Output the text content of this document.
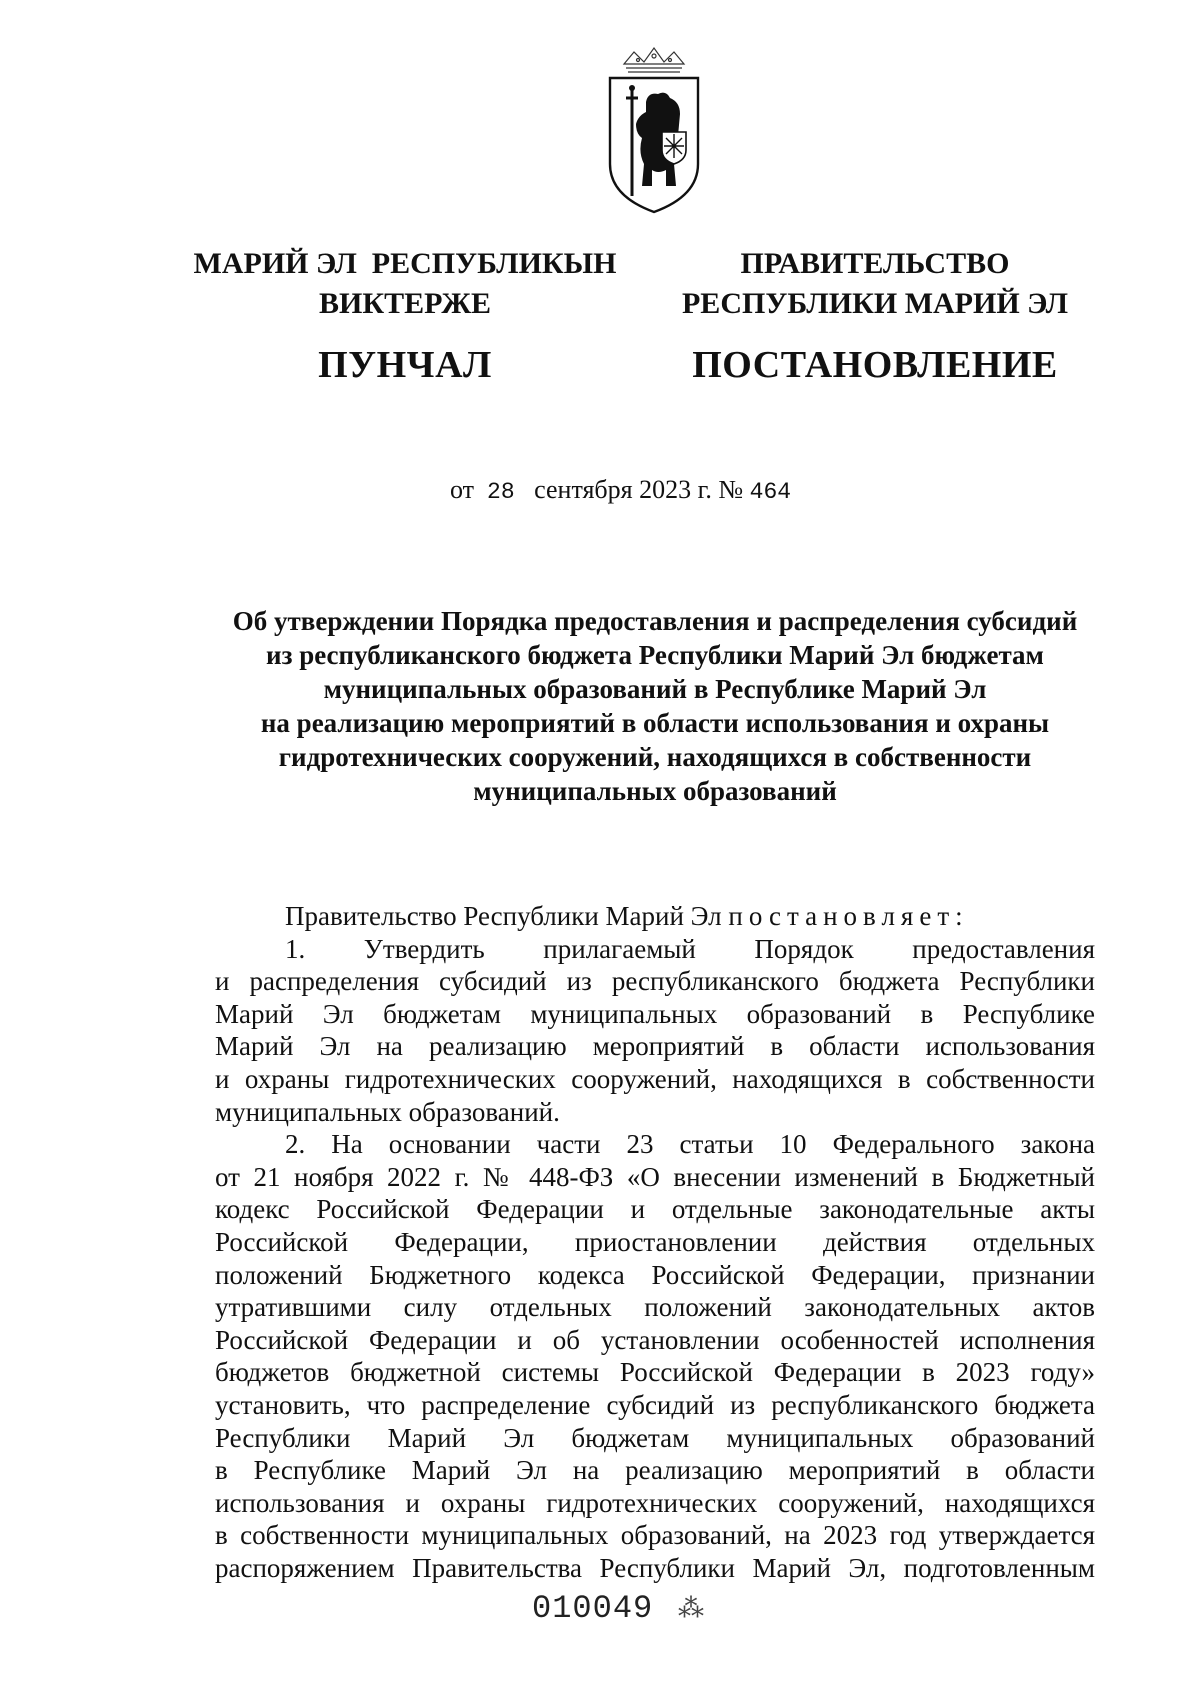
МАРИЙ ЭЛ  РЕСПУБЛИКЫН
ВИКТЕРЖЕ
ПУНЧАЛ
ПРАВИТЕЛЬСТВО
РЕСПУБЛИКИ МАРИЙ ЭЛ
ПОСТАНОВЛЕНИЕ
от 28 сентября 2023 г. № 464
Об утверждении Порядка предоставления и распределения субсидий
из республиканского бюджета Республики Марий Эл бюджетам
муниципальных образований в Республике Марий Эл
на реализацию мероприятий в области использования и охраны
гидротехнических сооружений, находящихся в собственности
муниципальных образований
Правительство Республики Марий Эл постановляет:
1. Утвердить прилагаемый Порядок предоставления
и распределения субсидий из республиканского бюджета Республики
Марий Эл бюджетам муниципальных образований в Республике
Марий Эл на реализацию мероприятий в области использования
и охраны гидротехнических сооружений, находящихся в собственности
муниципальных образований.
2. На основании части 23 статьи 10 Федерального закона
от 21 ноября 2022 г. № 448-ФЗ «О внесении изменений в Бюджетный
кодекс Российской Федерации и отдельные законодательные акты
Российской Федерации, приостановлении действия отдельных
положений Бюджетного кодекса Российской Федерации, признании
утратившими силу отдельных положений законодательных актов
Российской Федерации и об установлении особенностей исполнения
бюджетов бюджетной системы Российской Федерации в 2023 году»
установить, что распределение субсидий из республиканского бюджета
Республики Марий Эл бюджетам муниципальных образований
в Республике Марий Эл на реализацию мероприятий в области
использования и охраны гидротехнических сооружений, находящихся
в собственности муниципальных образований, на 2023 год утверждается
распоряжением Правительства Республики Марий Эл, подготовленным
010049 ⁂
